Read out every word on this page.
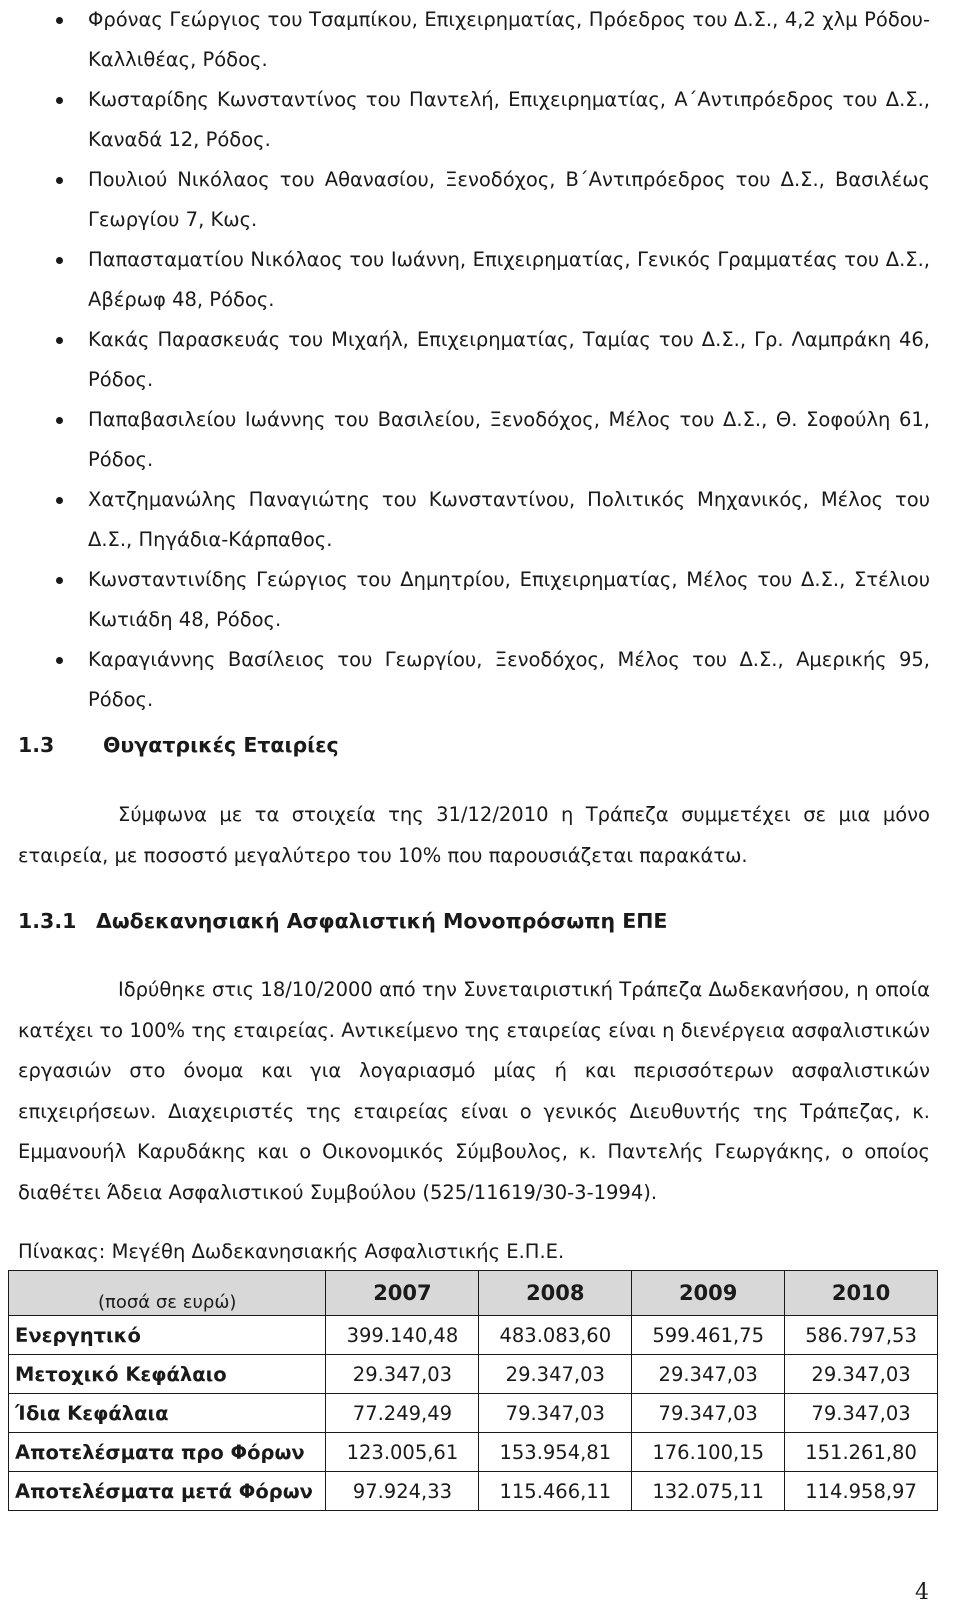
Φρόνας Γεώργιος του Τσαμπίκου, Επιχειρηματίας, Πρόεδρος του Δ.Σ., 4,2 χλμ Ρόδου-Καλλιθέας, Ρόδος.
Κωσταρίδης Κωνσταντίνος του Παντελή, Επιχειρηματίας, Α΄Αντιπρόεδρος του Δ.Σ., Καναδά 12, Ρόδος.
Πουλιού Νικόλαος του Αθανασίου, Ξενοδόχος, Β΄Αντιπρόεδρος του Δ.Σ., Βασιλέως Γεωργίου 7, Κως.
Παπασταματίου Νικόλαος του Ιωάννη, Επιχειρηματίας, Γενικός Γραμματέας του Δ.Σ., Αβέρωφ 48, Ρόδος.
Κακάς Παρασκευάς του Μιχαήλ, Επιχειρηματίας, Ταμίας του Δ.Σ., Γρ. Λαμπράκη 46, Ρόδος.
Παπαβασιλείου Ιωάννης του Βασιλείου, Ξενοδόχος, Μέλος του Δ.Σ., Θ. Σοφούλη 61, Ρόδος.
Χατζημανώλης Παναγιώτης του Κωνσταντίνου, Πολιτικός Μηχανικός, Μέλος του Δ.Σ., Πηγάδια-Κάρπαθος.
Κωνσταντινίδης Γεώργιος του Δημητρίου, Επιχειρηματίας, Μέλος του Δ.Σ., Στέλιου Κωτιάδη 48, Ρόδος.
Καραγιάννης Βασίλειος του Γεωργίου, Ξενοδόχος, Μέλος του Δ.Σ., Αμερικής 95, Ρόδος.
1.3 Θυγατρικές Εταιρίες
Σύμφωνα με τα στοιχεία της 31/12/2010 η Τράπεζα συμμετέχει σε μια μόνο εταιρεία, με ποσοστό μεγαλύτερο του 10% που παρουσιάζεται παρακάτω.
1.3.1 Δωδεκανησιακή Ασφαλιστική Μονοπρόσωπη ΕΠΕ
Ιδρύθηκε στις 18/10/2000 από την Συνεταιριστική Τράπεζα Δωδεκανήσου, η οποία κατέχει το 100% της εταιρείας. Αντικείμενο της εταιρείας είναι η διενέργεια ασφαλιστικών εργασιών στο όνομα και για λογαριασμό μίας ή και περισσότερων ασφαλιστικών επιχειρήσεων. Διαχειριστές της εταιρείας είναι ο γενικός Διευθυντής της Τράπεζας, κ. Εμμανουήλ Καρυδάκης και ο Οικονομικός Σύμβουλος, κ. Παντελής Γεωργάκης, ο οποίος διαθέτει Άδεια Ασφαλιστικού Συμβούλου (525/11619/30-3-1994).
Πίνακας: Μεγέθη Δωδεκανησιακής Ασφαλιστικής Ε.Π.Ε.
(ποσά σε ευρώ)	2007	2008	2009	2010
Ενεργητικό	399.140,48	483.083,60	599.461,75	586.797,53
Μετοχικό Κεφάλαιο	29.347,03	29.347,03	29.347,03	29.347,03
Ίδια Κεφάλαια	77.249,49	79.347,03	79.347,03	79.347,03
Αποτελέσματα προ Φόρων	123.005,61	153.954,81	176.100,15	151.261,80
Αποτελέσματα μετά Φόρων	97.924,33	115.466,11	132.075,11	114.958,97
4
